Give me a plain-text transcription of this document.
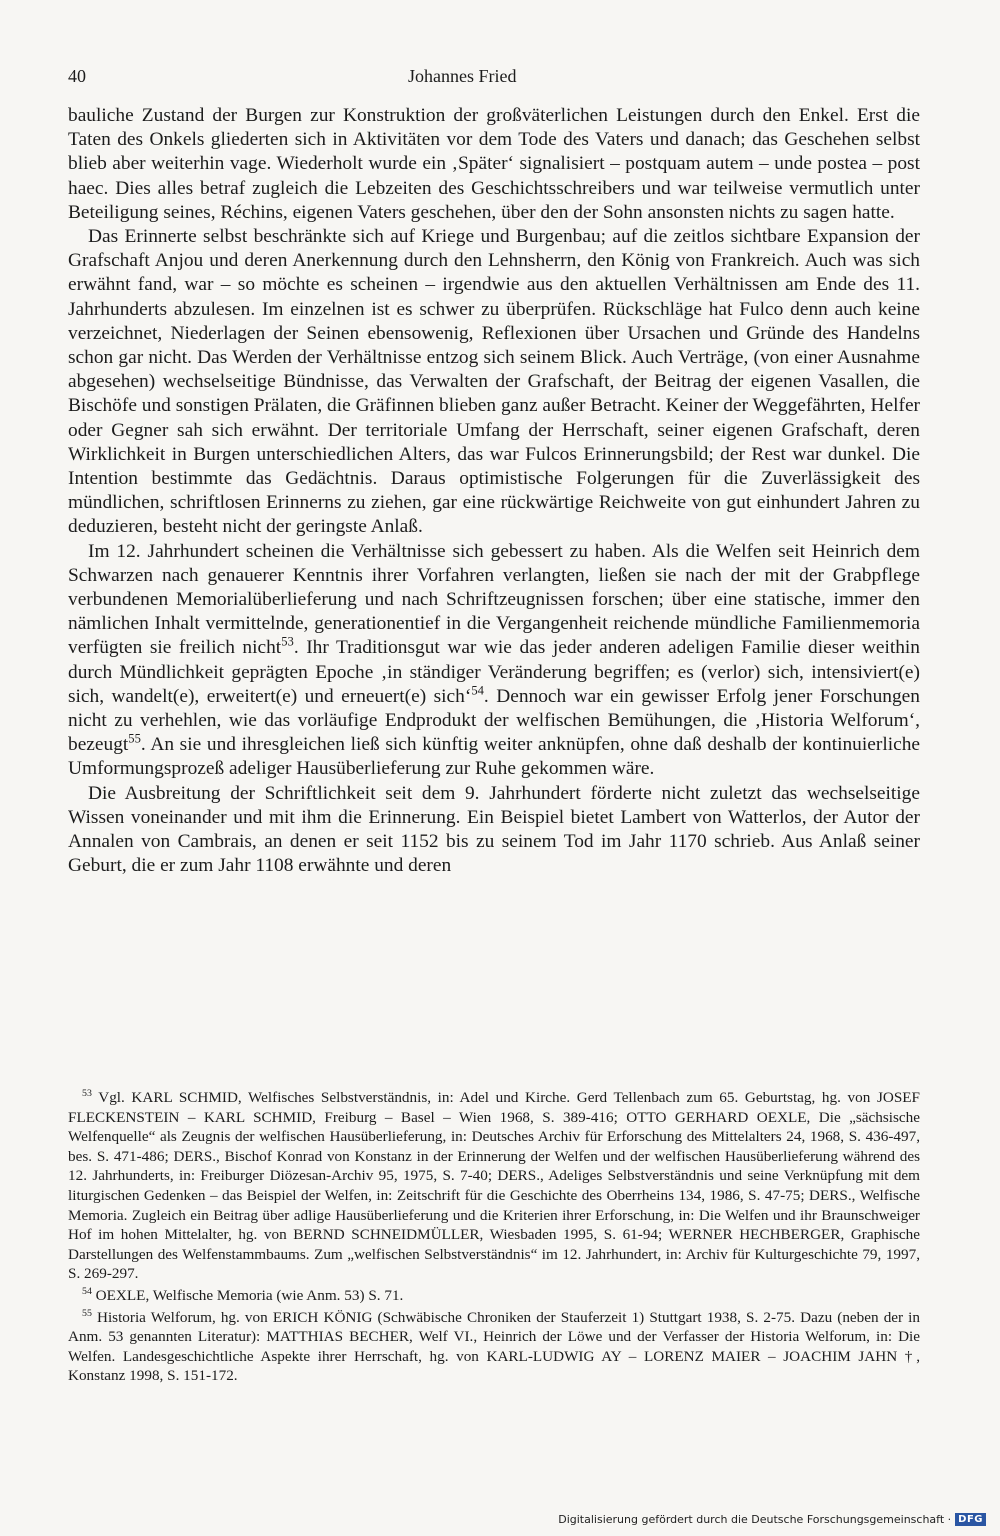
40	Johannes Fried

bauliche Zustand der Burgen zur Konstruktion der großväterlichen Leistungen durch den Enkel. Erst die Taten des Onkels gliederten sich in Aktivitäten vor dem Tode des Vaters und danach; das Geschehen selbst blieb aber weiterhin vage. Wiederholt wurde ein ‚Später‘ signalisiert – postquam autem – unde postea – post haec. Dies alles betraf zugleich die Lebzeiten des Geschichtsschreibers und war teilweise vermutlich unter Beteiligung seines, Réchins, eigenen Vaters geschehen, über den der Sohn ansonsten nichts zu sagen hatte.

Das Erinnerte selbst beschränkte sich auf Kriege und Burgenbau; auf die zeitlos sichtbare Expansion der Grafschaft Anjou und deren Anerkennung durch den Lehnsherrn, den König von Frankreich. Auch was sich erwähnt fand, war – so möchte es scheinen – irgendwie aus den aktuellen Verhältnissen am Ende des 11. Jahrhunderts abzulesen. Im einzelnen ist es schwer zu überprüfen. Rückschläge hat Fulco denn auch keine verzeichnet, Niederlagen der Seinen ebensowenig, Reflexionen über Ursachen und Gründe des Handelns schon gar nicht. Das Werden der Verhältnisse entzog sich seinem Blick. Auch Verträge, (von einer Ausnahme abgesehen) wechselseitige Bündnisse, das Verwalten der Grafschaft, der Beitrag der eigenen Vasallen, die Bischöfe und sonstigen Prälaten, die Gräfinnen blieben ganz außer Betracht. Keiner der Weggefährten, Helfer oder Gegner sah sich erwähnt. Der territoriale Umfang der Herrschaft, seiner eigenen Grafschaft, deren Wirklichkeit in Burgen unterschiedlichen Alters, das war Fulcos Erinnerungsbild; der Rest war dunkel. Die Intention bestimmte das Gedächtnis. Daraus optimistische Folgerungen für die Zuverlässigkeit des mündlichen, schriftlosen Erinnerns zu ziehen, gar eine rückwärtige Reichweite von gut einhundert Jahren zu deduzieren, besteht nicht der geringste Anlaß.

Im 12. Jahrhundert scheinen die Verhältnisse sich gebessert zu haben. Als die Welfen seit Heinrich dem Schwarzen nach genauerer Kenntnis ihrer Vorfahren verlangten, ließen sie nach der mit der Grabpflege verbundenen Memorialüberlieferung und nach Schriftzeugnissen forschen; über eine statische, immer den nämlichen Inhalt vermittelnde, generationentief in die Vergangenheit reichende mündliche Familienmemoria verfügten sie freilich nicht$^{53}$. Ihr Traditionsgut war wie das jeder anderen adeligen Familie dieser weithin durch Mündlichkeit geprägten Epoche ‚in ständiger Veränderung begriffen; es (verlor) sich, intensiviert(e) sich, wandelt(e), erweitert(e) und erneuert(e) sich‘$^{54}$. Dennoch war ein gewisser Erfolg jener Forschungen nicht zu verhehlen, wie das vorläufige Endprodukt der welfischen Bemühungen, die ‚Historia Welforum‘, bezeugt$^{55}$. An sie und ihresgleichen ließ sich künftig weiter anknüpfen, ohne daß deshalb der kontinuierliche Umformungsprozeß adeliger Hausüberlieferung zur Ruhe gekommen wäre.

Die Ausbreitung der Schriftlichkeit seit dem 9. Jahrhundert förderte nicht zuletzt das wechselseitige Wissen voneinander und mit ihm die Erinnerung. Ein Beispiel bietet Lambert von Watterlos, der Autor der Annalen von Cambrais, an denen er seit 1152 bis zu seinem Tod im Jahr 1170 schrieb. Aus Anlaß seiner Geburt, die er zum Jahr 1108 erwähnte und deren

$^{53}$ Vgl. KARL SCHMID, Welfisches Selbstverständnis, in: Adel und Kirche. Gerd Tellenbach zum 65. Geburtstag, hg. von JOSEF FLECKENSTEIN – KARL SCHMID, Freiburg – Basel – Wien 1968, S. 389-416; OTTO GERHARD OEXLE, Die „sächsische Welfenquelle“ als Zeugnis der welfischen Hausüberlieferung, in: Deutsches Archiv für Erforschung des Mittelalters 24, 1968, S. 436-497, bes. S. 471-486; DERS., Bischof Konrad von Konstanz in der Erinnerung der Welfen und der welfischen Hausüberlieferung während des 12. Jahrhunderts, in: Freiburger Diözesan-Archiv 95, 1975, S. 7-40; DERS., Adeliges Selbstverständnis und seine Verknüpfung mit dem liturgischen Gedenken – das Beispiel der Welfen, in: Zeitschrift für die Geschichte des Oberrheins 134, 1986, S. 47-75; DERS., Welfische Memoria. Zugleich ein Beitrag über adlige Hausüberlieferung und die Kriterien ihrer Erforschung, in: Die Welfen und ihr Braunschweiger Hof im hohen Mittelalter, hg. von BERND SCHNEIDMÜLLER, Wiesbaden 1995, S. 61-94; WERNER HECHBERGER, Graphische Darstellungen des Welfenstammbaums. Zum „welfischen Selbstverständnis“ im 12. Jahrhundert, in: Archiv für Kulturgeschichte 79, 1997, S. 269-297.

$^{54}$ OEXLE, Welfische Memoria (wie Anm. 53) S. 71.

$^{55}$ Historia Welforum, hg. von ERICH KÖNIG (Schwäbische Chroniken der Stauferzeit 1) Stuttgart 1938, S. 2-75. Dazu (neben der in Anm. 53 genannten Literatur): MATTHIAS BECHER, Welf VI., Heinrich der Löwe und der Verfasser der Historia Welforum, in: Die Welfen. Landesgeschichtliche Aspekte ihrer Herrschaft, hg. von KARL-LUDWIG AY – LORENZ MAIER – JOACHIM JAHN †, Konstanz 1998, S. 151-172.

Digitalisierung gefördert durch die Deutsche Forschungsgemeinschaft · DFG
